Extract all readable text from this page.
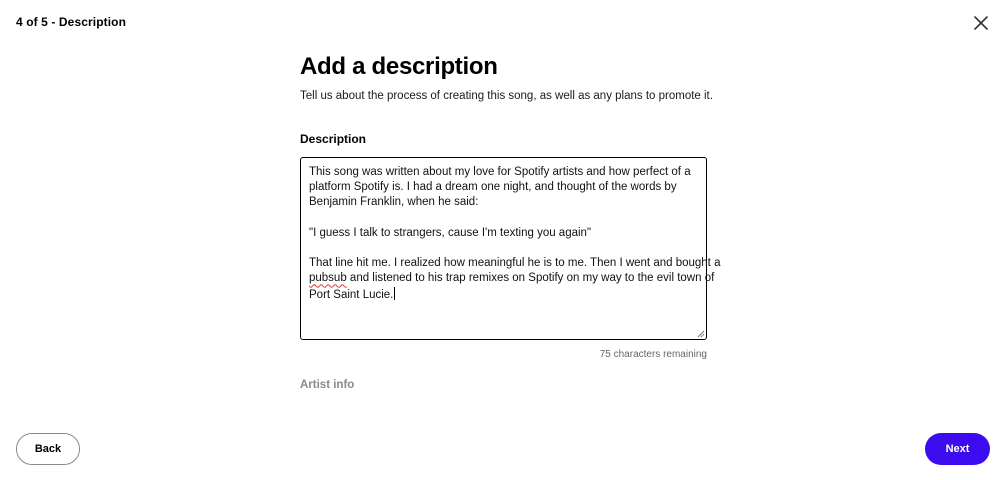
4 of 5 - Description
Add a description
Tell us about the process of creating this song, as well as any plans to promote it.
Description
This song was written about my love for Spotify artists and how perfect of a
platform Spotify is. I had a dream one night, and thought of the words by
Benjamin Franklin, when he said:
"I guess I talk to strangers, cause I'm texting you again"
That line hit me. I realized how meaningful he is to me. Then I went and bought a
pubsub and listened to his trap remixes on Spotify on my way to the evil town of
Port Saint Lucie.
75 characters remaining
Artist info
Back	Next
